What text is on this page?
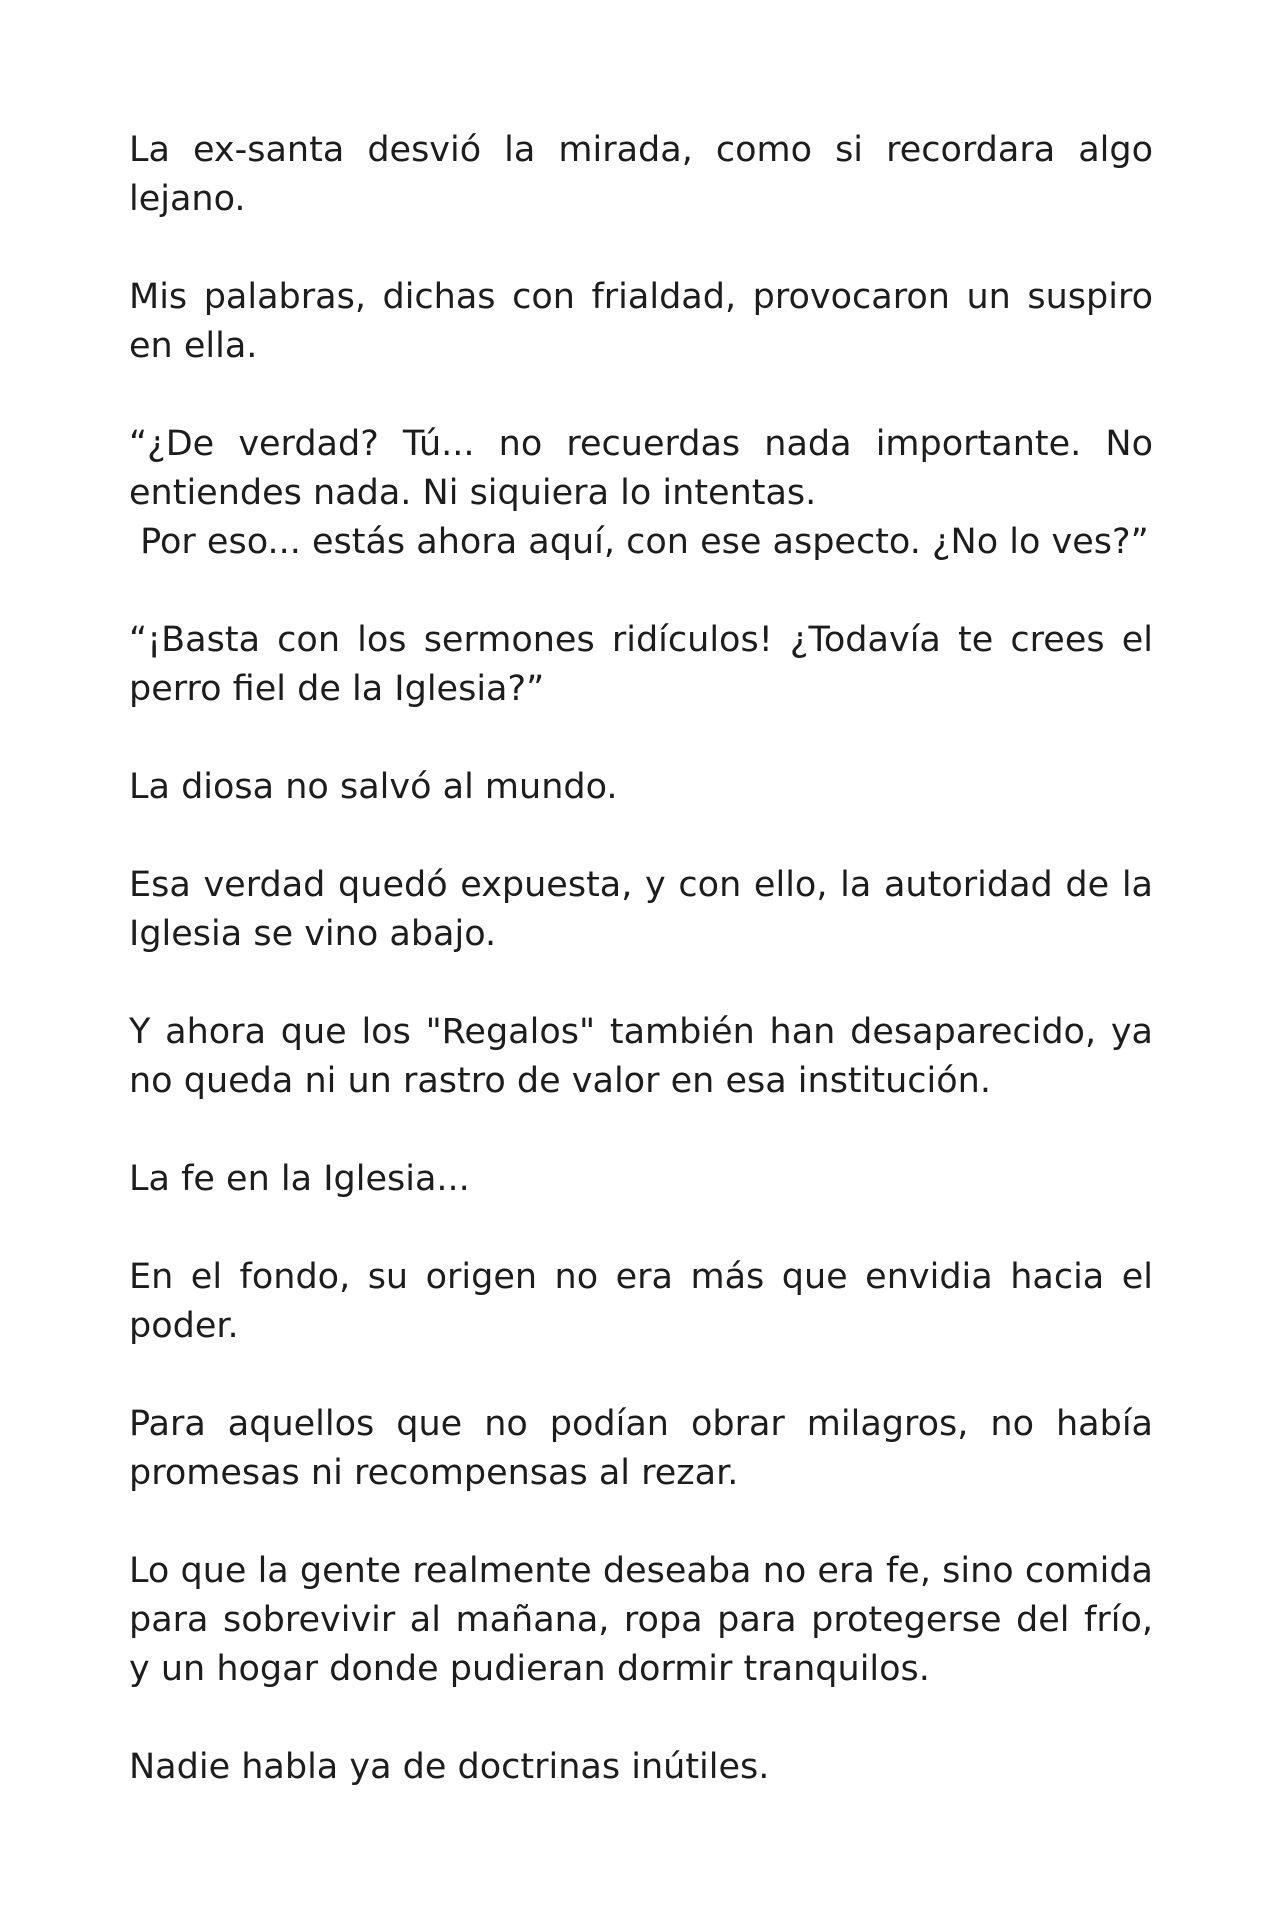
La ex-santa desvió la mirada, como si recordara algo lejano.

Mis palabras, dichas con frialdad, provocaron un suspiro en ella.

“¿De verdad? Tú... no recuerdas nada importante. No entiendes nada. Ni siquiera lo intentas.
Por eso... estás ahora aquí, con ese aspecto. ¿No lo ves?”

“¡Basta con los sermones ridículos! ¿Todavía te crees el perro fiel de la Iglesia?”

La diosa no salvó al mundo.

Esa verdad quedó expuesta, y con ello, la autoridad de la Iglesia se vino abajo.

Y ahora que los "Regalos" también han desaparecido, ya no queda ni un rastro de valor en esa institución.

La fe en la Iglesia...

En el fondo, su origen no era más que envidia hacia el poder.

Para aquellos que no podían obrar milagros, no había promesas ni recompensas al rezar.

Lo que la gente realmente deseaba no era fe, sino comida para sobrevivir al mañana, ropa para protegerse del frío, y un hogar donde pudieran dormir tranquilos.

Nadie habla ya de doctrinas inútiles.
